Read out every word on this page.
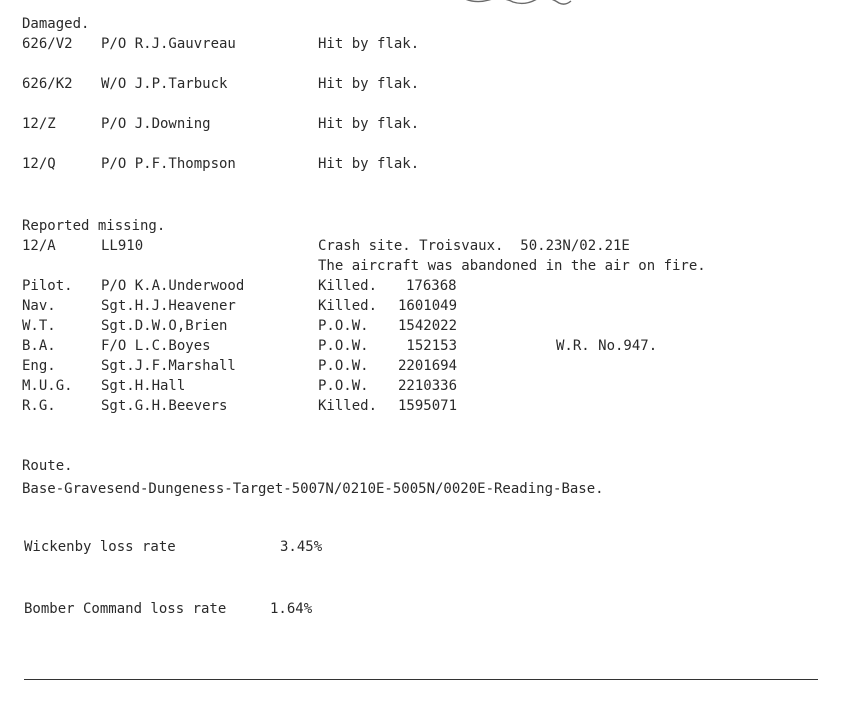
Damaged.
626/V2 P/O R.J.Gauvreau	Hit by flak.
626/K2 W/O J.P.Tarbuck	Hit by flak.
12/Z	P/O J.Downing	Hit by flak.
12/Q	P/O P.F.Thompson	Hit by flak.
Reported missing.
12/A	LL910	Crash site. Troisvaux.  50.23N/02.21E
The aircraft was abandoned in the air on fire.
Pilot. P/O K.A.Underwood	Killed. 176368
Nav.	Sgt.H.J.Heavener	Killed. 1601049
W.T.	Sgt.D.W.O,Brien	P.O.W. 1542022
B.A.	F/O L.C.Boyes	P.O.W. 152153	W.R. No.947.
Eng.	Sgt.J.F.Marshall	P.O.W. 2201694
M.U.G. Sgt.H.Hall	P.O.W. 2210336
R.G.	Sgt.G.H.Beevers	Killed. 1595071
Route.
Base-Gravesend-Dungeness-Target-5007N/0210E-5005N/0020E-Reading-Base.
Wickenby loss rate	3.45%
Bomber Command loss rate	1.64%
